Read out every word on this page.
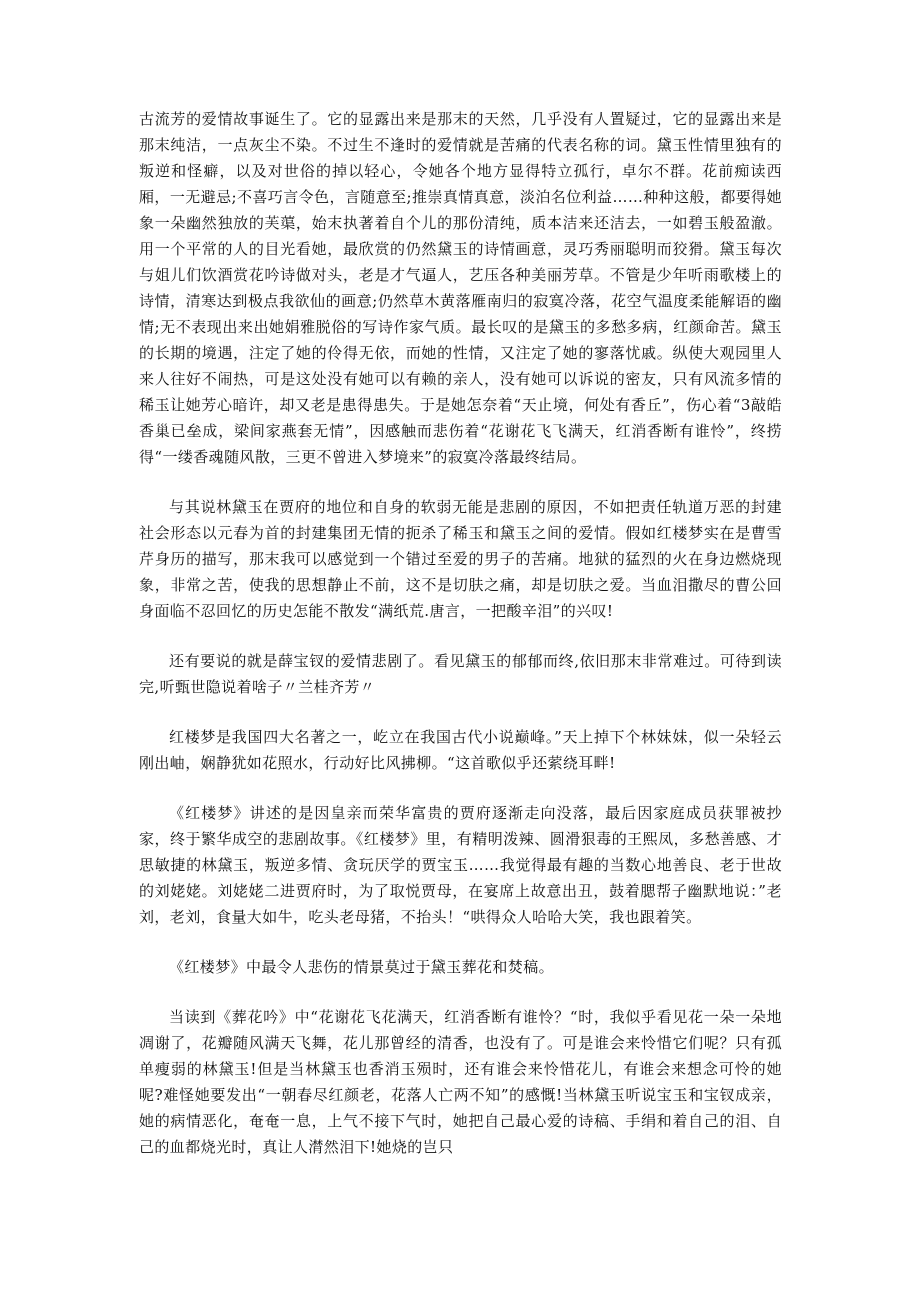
古流芳的爱情故事诞生了。它的显露出来是那末的天然，几乎没有人置疑过，它的显露出来是那末纯洁，一点灰尘不染。不过生不逢时的爱情就是苦痛的代表名称的词。黛玉性情里独有的叛逆和怪癖，以及对世俗的掉以轻心，令她各个地方显得特立孤行，卓尔不群。花前痴读西厢，一无避忌;不喜巧言令色，言随意至;推崇真情真意，淡泊名位利益……种种这般，都要得她象一朵幽然独放的芙蕖，始末执著着自个儿的那份清纯，质本洁来还洁去，一如碧玉般盈澈。用一个平常的人的目光看她，最欣赏的仍然黛玉的诗情画意，灵巧秀丽聪明而狡猾。黛玉每次与姐儿们饮酒赏花吟诗做对头，老是才气逼人，艺压各种美丽芳草。不管是少年听雨歌楼上的诗情，清寒达到极点我欲仙的画意;仍然草木黄落雁南归的寂寞冷落，花空气温度柔能解语的幽情;无不表现出来出她娟雅脱俗的写诗作家气质。最长叹的是黛玉的多愁多病，红颜命苦。黛玉的长期的境遇，注定了她的伶得无依，而她的性情，又注定了她的寥落忧戚。纵使大观园里人来人往好不闹热，可是这处没有她可以有赖的亲人，没有她可以诉说的密友，只有风流多情的稀玉让她芳心暗许，却又老是患得患失。于是她怎奈着“天止境，何处有香丘”，伤心着“3敲皓香巢已垒成，梁间家燕套无情”，因感触而悲伤着“花谢花飞飞满天，红消香断有谁怜”，终捞得“一缕香魂随风散，三更不曾进入梦境来”的寂寞冷落最终结局。

与其说林黛玉在贾府的地位和自身的软弱无能是悲剧的原因，不如把责任轨道万恶的封建社会形态以元春为首的封建集团无情的扼杀了稀玉和黛玉之间的爱情。假如红楼梦实在是曹雪芹身历的描写，那末我可以感觉到一个错过至爱的男子的苦痛。地狱的猛烈的火在身边燃烧现象，非常之苦，使我的思想静止不前，这不是切肤之痛，却是切肤之爱。当血泪撒尽的曹公回身面临不忍回忆的历史怎能不散发“满纸荒.唐言，一把酸辛泪”的兴叹!

还有要说的就是薛宝钗的爱情悲剧了。看见黛玉的郁郁而终,依旧那末非常难过。可待到读完,听甄世隐说着啥子〃兰桂齐芳〃

红楼梦是我国四大名著之一，屹立在我国古代小说巅峰。”天上掉下个林妹妹，似一朵轻云刚出岫，娴静犹如花照水，行动好比风拂柳。“这首歌似乎还萦绕耳畔!

《红楼梦》讲述的是因皇亲而荣华富贵的贾府逐渐走向没落，最后因家庭成员获罪被抄家，终于繁华成空的悲剧故事。《红楼梦》里，有精明泼辣、圆滑狠毒的王熙凤，多愁善感、才思敏捷的林黛玉，叛逆多情、贪玩厌学的贾宝玉……我觉得最有趣的当数心地善良、老于世故的刘姥姥。刘姥姥二进贾府时，为了取悦贾母，在宴席上故意出丑，鼓着腮帮子幽默地说：”老刘，老刘，食量大如牛，吃头老母猪，不抬头！“哄得众人哈哈大笑，我也跟着笑。

《红楼梦》中最令人悲伤的情景莫过于黛玉葬花和焚稿。

当读到《葬花吟》中“花谢花飞花满天，红消香断有谁怜？“时，我似乎看见花一朵一朵地凋谢了，花瓣随风满天飞舞，花儿那曾经的清香，也没有了。可是谁会来怜惜它们呢？只有孤单瘦弱的林黛玉!但是当林黛玉也香消玉殒时，还有谁会来怜惜花儿，有谁会来想念可怜的她呢?难怪她要发出“一朝春尽红颜老，花落人亡两不知”的感慨!当林黛玉听说宝玉和宝钗成亲，她的病情恶化，奄奄一息，上气不接下气时，她把自己最心爱的诗稿、手绢和着自己的泪、自己的血都烧光时，真让人潸然泪下!她烧的岂只
